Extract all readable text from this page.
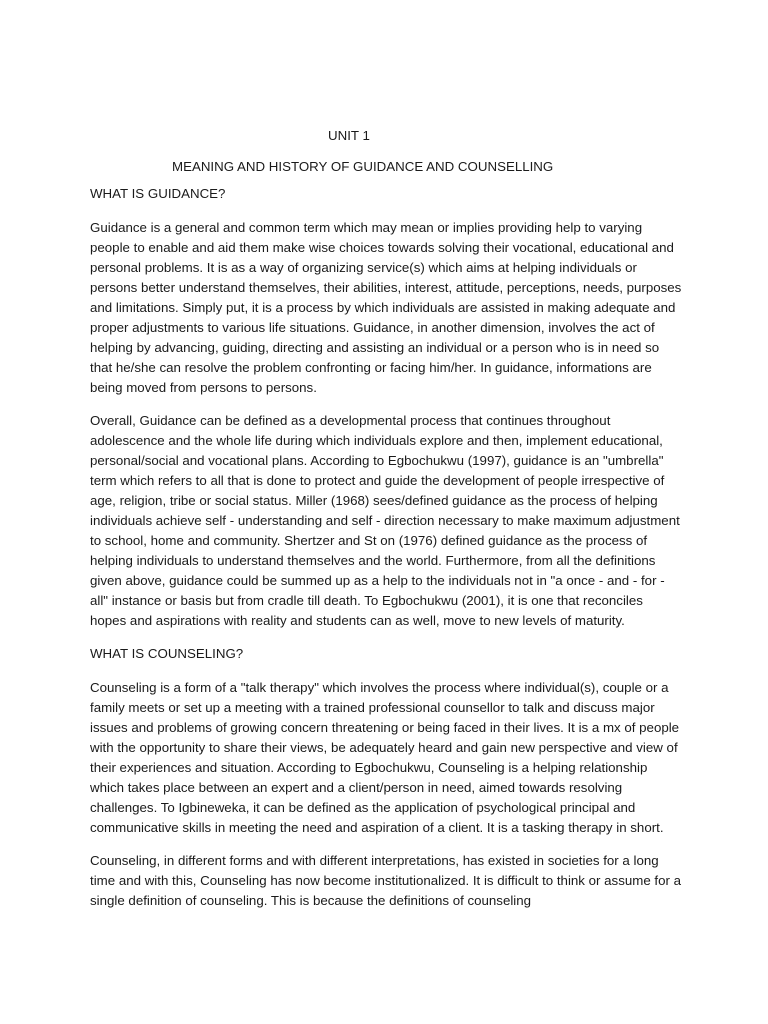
UNIT 1
MEANING AND HISTORY OF GUIDANCE AND COUNSELLING
WHAT IS GUIDANCE?

Guidance is a general and common term which may mean or implies providing help to varying people to enable and aid them make wise choices towards solving their vocational, educational and personal problems. It is as a way of organizing service(s) which aims at helping individuals or persons better understand themselves, their abilities, interest, attitude, perceptions, needs, purposes and limitations. Simply put, it is a process by which individuals are assisted in making adequate and proper adjustments to various life situations. Guidance, in another dimension, involves the act of helping by advancing, guiding, directing and assisting an individual or a person who is in need so that he/she can resolve the problem confronting or facing him/her. In guidance, informations are being moved from persons to persons.

Overall, Guidance can be defined as a developmental process that continues throughout adolescence and the whole life during which individuals explore and then, implement educational, personal/social and vocational plans. According to Egbochukwu (1997), guidance is an "umbrella" term which refers to all that is done to protect and guide the development of people irrespective of age, religion, tribe or social status. Miller (1968) sees/defined guidance as the process of helping individuals achieve self - understanding and self - direction necessary to make maximum adjustment to school, home and community. Shertzer and St on (1976) defined guidance as the process of helping individuals to understand themselves and the world. Furthermore, from all the definitions given above, guidance could be summed up as a help to the individuals not in "a once - and - for - all" instance or basis but from cradle till death. To Egbochukwu (2001), it is one that reconciles hopes and aspirations with reality and students can as well, move to new levels of maturity.

WHAT IS COUNSELING?

Counseling is a form of a "talk therapy" which involves the process where individual(s), couple or a family meets or set up a meeting with a trained professional counsellor to talk and discuss major issues and problems of growing concern threatening or being faced in their lives. It is a mx of people with the opportunity to share their views, be adequately heard and gain new perspective and view of their experiences and situation. According to Egbochukwu, Counseling is a helping relationship which takes place between an expert and a client/person in need, aimed towards resolving challenges. To Igbineweka, it can be defined as the application of psychological principal and communicative skills in meeting the need and aspiration of a client. It is a tasking therapy in short.

Counseling, in different forms and with different interpretations, has existed in societies for a long time and with this, Counseling has now become institutionalized. It is difficult to think or assume for a single definition of counseling. This is because the definitions of counseling
